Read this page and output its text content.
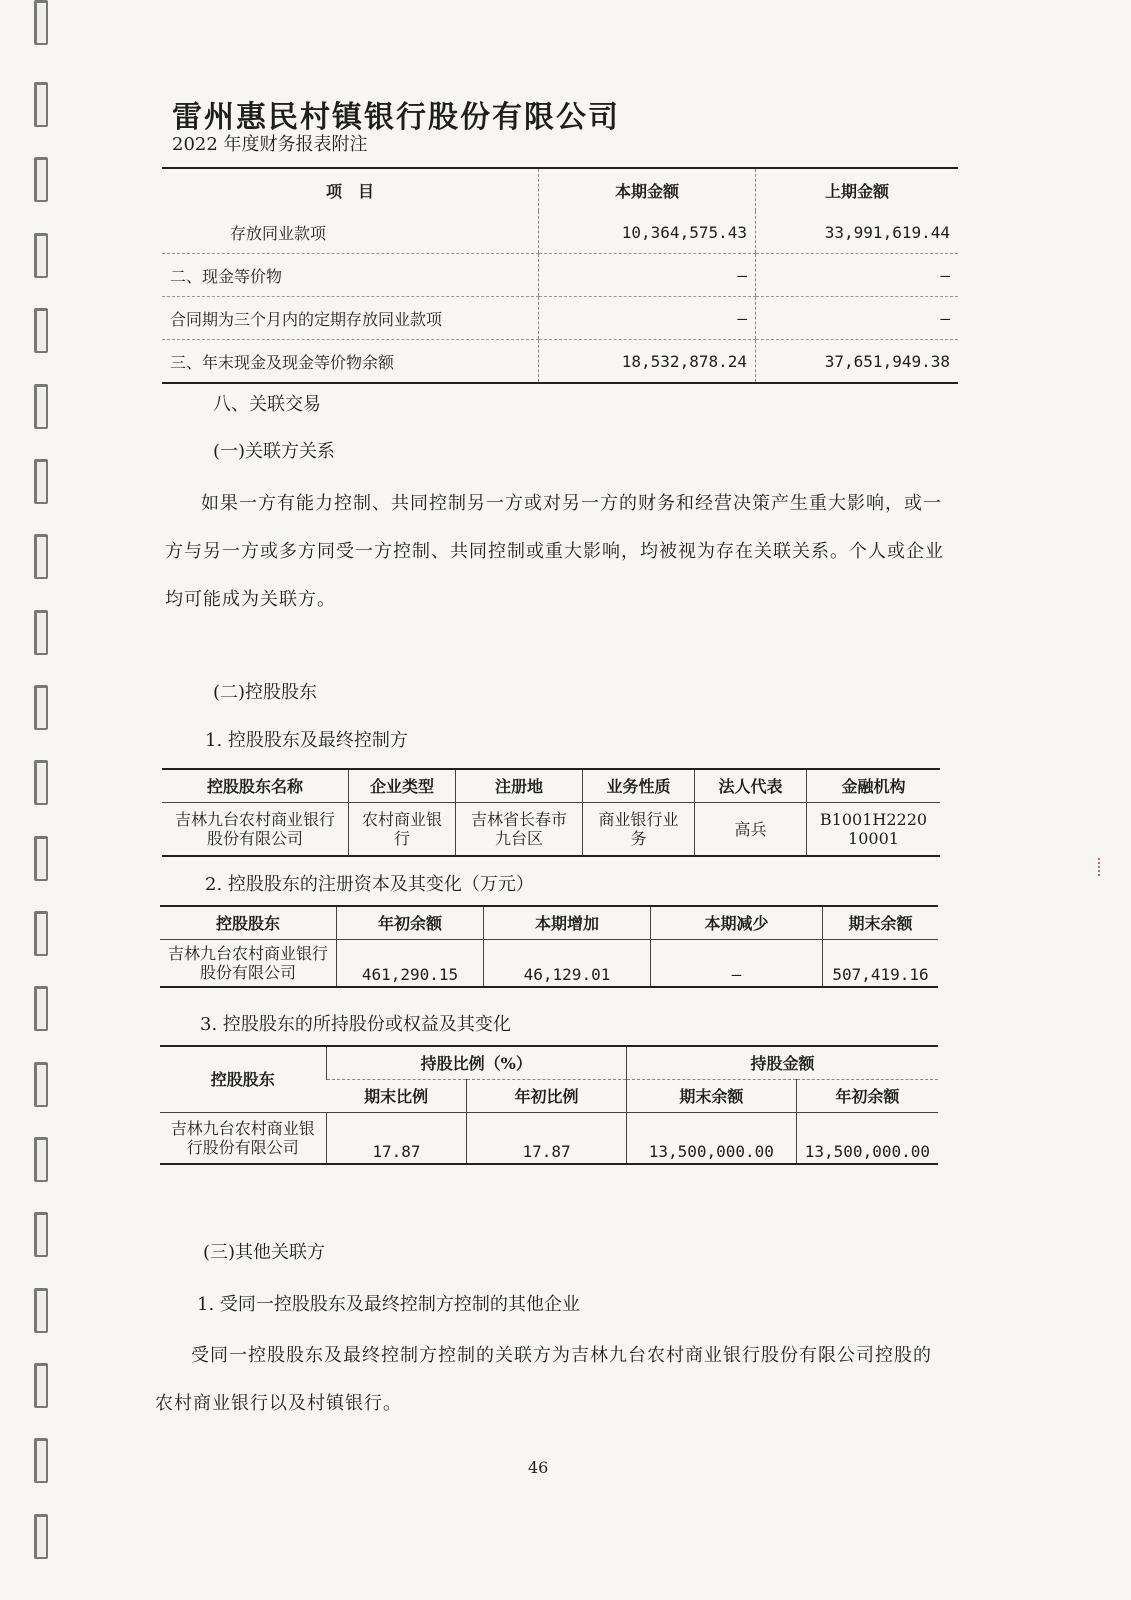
雷州惠民村镇银行股份有限公司
2022 年度财务报表附注
项　目	本期金额	上期金额
存放同业款项	10,364,575.43	33,991,619.44
二、现金等价物	–	–
合同期为三个月内的定期存放同业款项	–	–
三、年末现金及现金等价物余额	18,532,878.24	37,651,949.38
八、关联交易
(一)关联方关系
如果一方有能力控制、共同控制另一方或对另一方的财务和经营决策产生重大影响，或一方与另一方或多方同受一方控制、共同控制或重大影响，均被视为存在关联关系。个人或企业均可能成为关联方。
(二)控股股东
1. 控股股东及最终控制方
控股股东名称	企业类型	注册地	业务性质	法人代表	金融机构
吉林九台农村商业银行股份有限公司	农村商业银行	吉林省长春市九台区	商业银行业务	高兵	B1001H222010001
2. 控股股东的注册资本及其变化（万元）
控股股东	年初余额	本期增加	本期减少	期末余额
吉林九台农村商业银行股份有限公司	461,290.15	46,129.01	–	507,419.16
3. 控股股东的所持股份或权益及其变化
控股股东	持股比例（%）		持股金额	
	期末比例	年初比例	期末余额	年初余额
吉林九台农村商业银行股份有限公司	17.87	17.87	13,500,000.00	13,500,000.00
(三)其他关联方
1. 受同一控股股东及最终控制方控制的其他企业
受同一控股股东及最终控制方控制的关联方为吉林九台农村商业银行股份有限公司控股的农村商业银行以及村镇银行。
46
